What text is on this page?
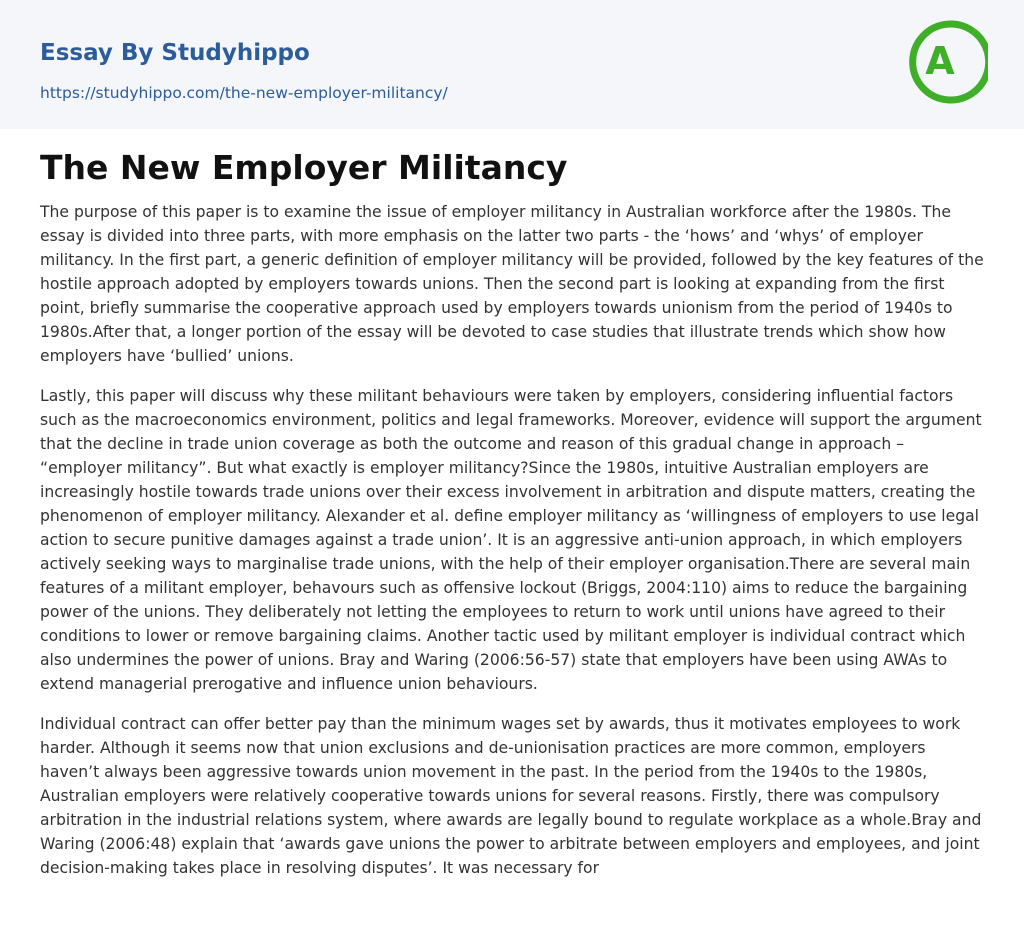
Essay By Studyhippo
https://studyhippo.com/the-new-employer-militancy/
A
The New Employer Militancy

The purpose of this paper is to examine the issue of employer militancy in Australian workforce after the 1980s. The essay is divided into three parts, with more emphasis on the latter two parts - the ‘hows’ and ‘whys’ of employer militancy. In the first part, a generic definition of employer militancy will be provided, followed by the key features of the hostile approach adopted by employers towards unions. Then the second part is looking at expanding from the first point, briefly summarise the cooperative approach used by employers towards unionism from the period of 1940s to 1980s.After that, a longer portion of the essay will be devoted to case studies that illustrate trends which show how employers have ‘bullied’ unions.

Lastly, this paper will discuss why these militant behaviours were taken by employers, considering influential factors such as the macroeconomics environment, politics and legal frameworks. Moreover, evidence will support the argument that the decline in trade union coverage as both the outcome and reason of this gradual change in approach – “employer militancy”. But what exactly is employer militancy?Since the 1980s, intuitive Australian employers are increasingly hostile towards trade unions over their excess involvement in arbitration and dispute matters, creating the phenomenon of employer militancy. Alexander et al. define employer militancy as ‘willingness of employers to use legal action to secure punitive damages against a trade union’. It is an aggressive anti-union approach, in which employers actively seeking ways to marginalise trade unions, with the help of their employer organisation.There are several main features of a militant employer, behavours such as offensive lockout (Briggs, 2004:110) aims to reduce the bargaining power of the unions. They deliberately not letting the employees to return to work until unions have agreed to their conditions to lower or remove bargaining claims. Another tactic used by militant employer is individual contract which also undermines the power of unions. Bray and Waring (2006:56-57) state that employers have been using AWAs to extend managerial prerogative and influence union behaviours.

Individual contract can offer better pay than the minimum wages set by awards, thus it motivates employees to work harder. Although it seems now that union exclusions and de-unionisation practices are more common, employers haven’t always been aggressive towards union movement in the past. In the period from the 1940s to the 1980s, Australian employers were relatively cooperative towards unions for several reasons. Firstly, there was compulsory arbitration in the industrial relations system, where awards are legally bound to regulate workplace as a whole.Bray and Waring (2006:48) explain that ‘awards gave unions the power to arbitrate between employers and employees, and joint decision-making takes place in resolving disputes’. It was necessary for
